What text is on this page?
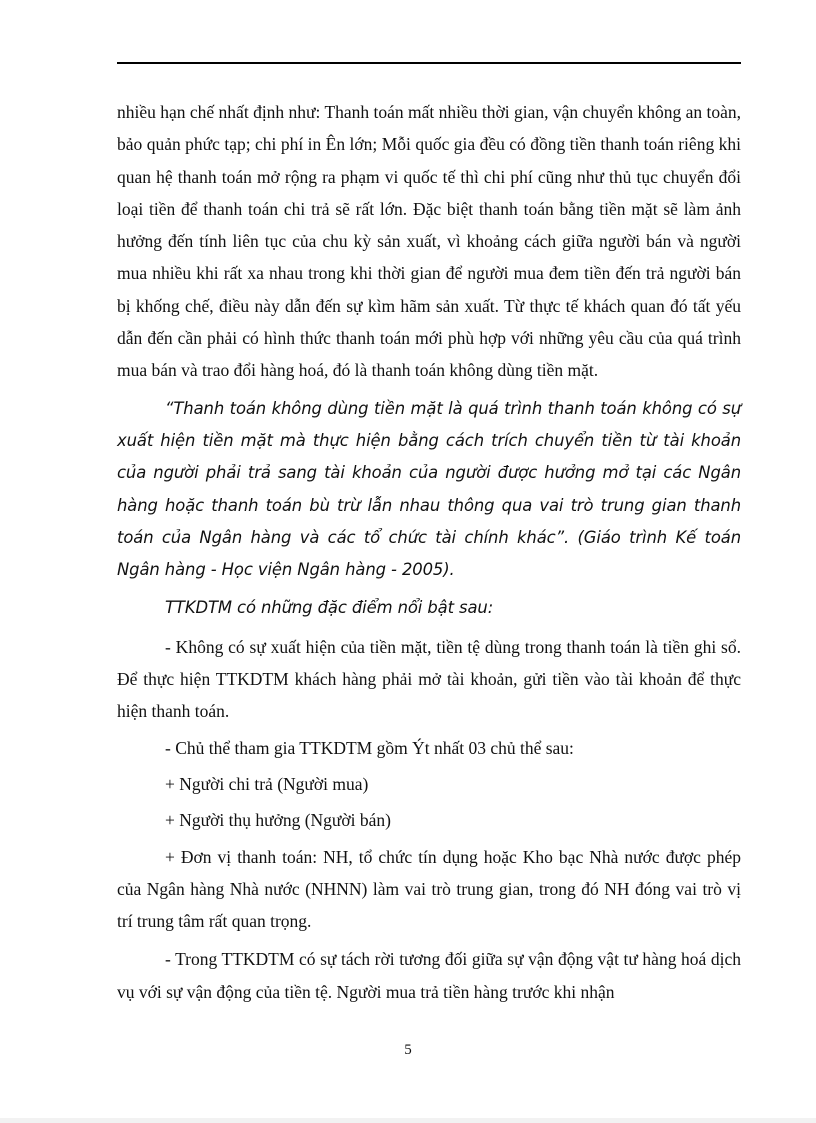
nhiều hạn chế nhất định như: Thanh toán mất nhiều thời gian, vận chuyển không an toàn, bảo quản phức tạp; chi phí in Ên lớn; Mỗi quốc gia đều có đồng tiền thanh toán riêng khi quan hệ thanh toán mở rộng ra phạm vi quốc tế thì chi phí cũng như thủ tục chuyển đổi loại tiền để thanh toán chi trả sẽ rất lớn. Đặc biệt thanh toán bằng tiền mặt sẽ làm ảnh hưởng đến tính liên tục của chu kỳ sản xuất, vì khoảng cách giữa người bán và người mua nhiều khi rất xa nhau trong khi thời gian để người mua đem tiền đến trả người bán bị khống chế, điều này dẫn đến sự kìm hãm sản xuất. Từ thực tế khách quan đó tất yếu dẫn đến cần phải có hình thức thanh toán mới phù hợp với những yêu cầu của quá trình mua bán và trao đổi hàng hoá, đó là thanh toán không dùng tiền mặt.

“Thanh toán không dùng tiền mặt là quá trình thanh toán không có sự xuất hiện tiền mặt mà thực hiện bằng cách trích chuyển tiền từ tài khoản của người phải trả sang tài khoản của người được hưởng mở tại các Ngân hàng hoặc thanh toán bù trừ lẫn nhau thông qua vai trò trung gian thanh toán của Ngân hàng và các tổ chức tài chính khác”. (Giáo trình Kế toán Ngân hàng - Học viện Ngân hàng - 2005).

TTKDTM có những đặc điểm nổi bật sau:

- Không có sự xuất hiện của tiền mặt, tiền tệ dùng trong thanh toán là tiền ghi sổ. Để thực hiện TTKDTM khách hàng phải mở tài khoản, gửi tiền vào tài khoản để thực hiện thanh toán.

- Chủ thể tham gia TTKDTM gồm Ýt nhất 03 chủ thể sau:

+ Người chi trả (Người mua)

+ Người thụ hưởng (Người bán)

+ Đơn vị thanh toán: NH, tổ chức tín dụng hoặc Kho bạc Nhà nước được phép của Ngân hàng Nhà nước (NHNN) làm vai trò trung gian, trong đó NH đóng vai trò vị trí trung tâm rất quan trọng.

- Trong TTKDTM có sự tách rời tương đối giữa sự vận động vật tư hàng hoá dịch vụ với sự vận động của tiền tệ. Người mua trả tiền hàng trước khi nhận

5
